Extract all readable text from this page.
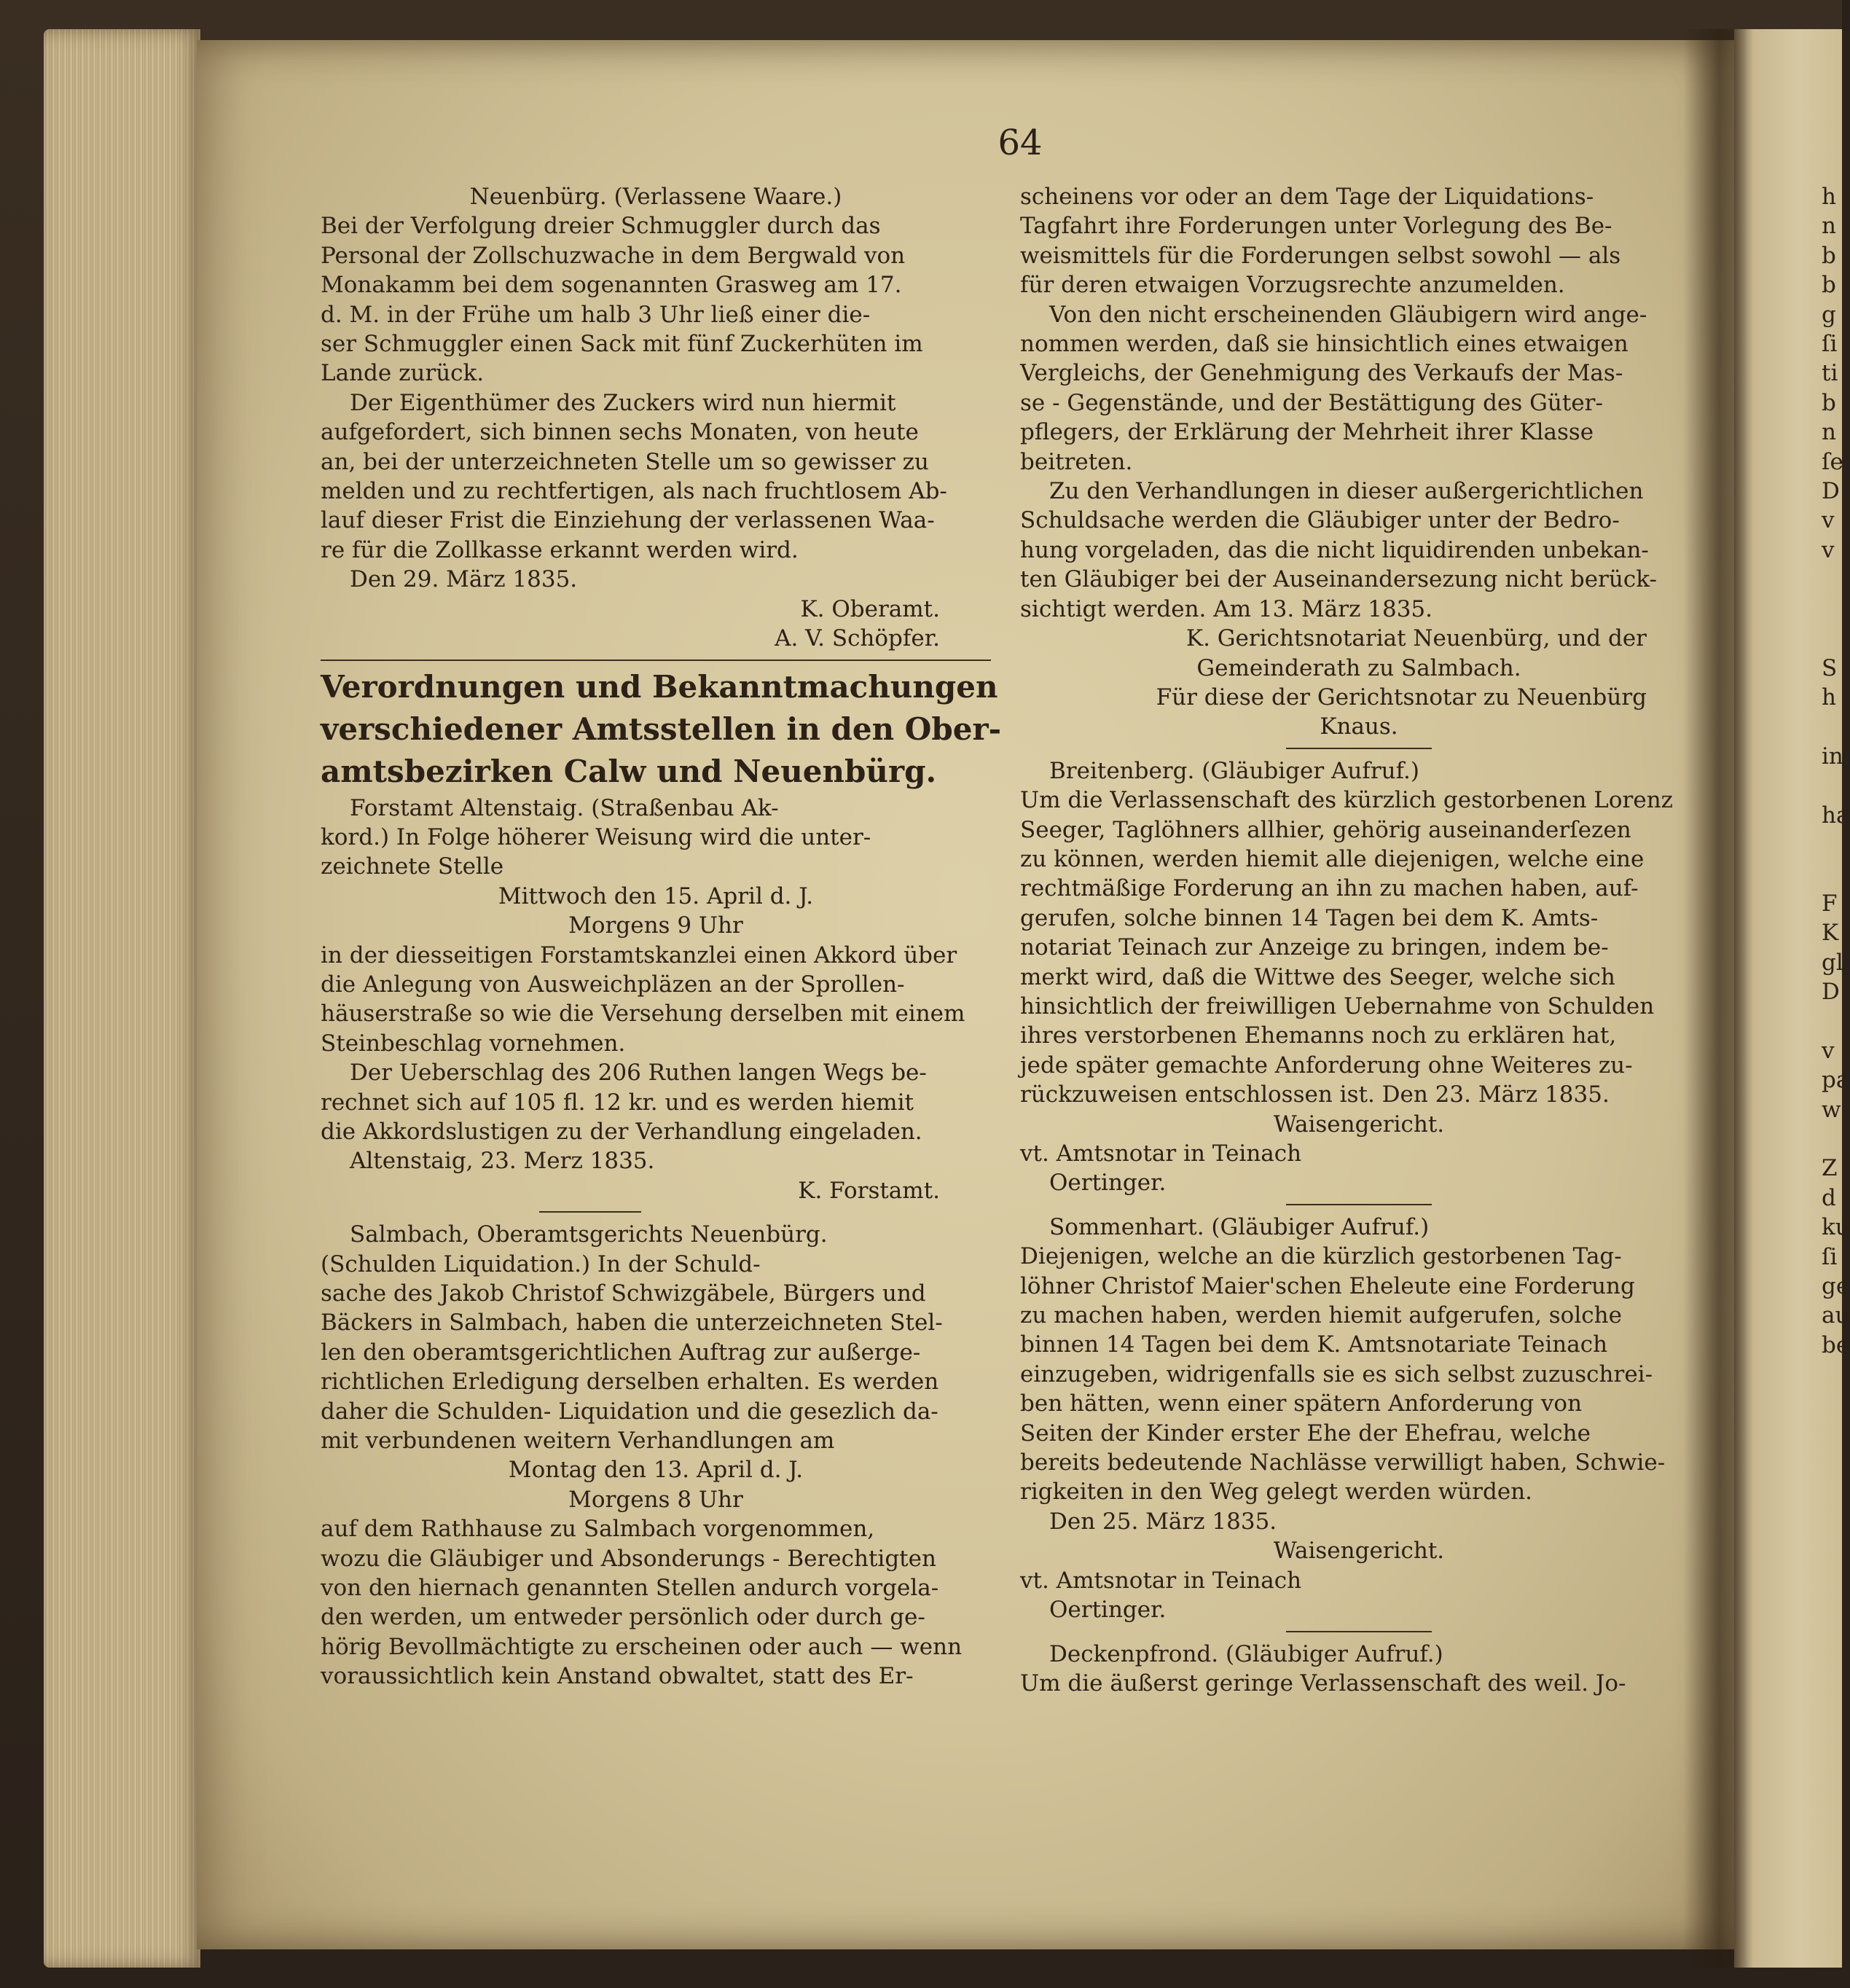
64
Neuenbürg. (Verlassene Waare.)
Bei der Verfolgung dreier Schmuggler durch das
Personal der Zollschuzwache in dem Bergwald von
Monakamm bei dem sogenannten Grasweg am 17.
d. M. in der Frühe um halb 3 Uhr ließ einer die-
ser Schmuggler einen Sack mit fünf Zuckerhüten im
Lande zurück.
Der Eigenthümer des Zuckers wird nun hiermit
aufgefordert, sich binnen sechs Monaten, von heute
an, bei der unterzeichneten Stelle um so gewisser zu
melden und zu rechtfertigen, als nach fruchtlosem Ab-
lauf dieser Frist die Einziehung der verlassenen Waa-
re für die Zollkasse erkannt werden wird.
Den 29. März 1835.
K. Oberamt.
A. V. Schöpfer.
Verordnungen und Bekanntmachungen
verschiedener Amtsstellen in den Ober-
amtsbezirken Calw und Neuenbürg.
Forstamt Altenstaig. (Straßenbau Ak-
kord.) In Folge höherer Weisung wird die unter-
zeichnete Stelle
Mittwoch den 15. April d. J.
Morgens 9 Uhr
in der diesseitigen Forstamtskanzlei einen Akkord über
die Anlegung von Ausweichpläzen an der Sprollen-
häuserstraße so wie die Versehung derselben mit einem
Steinbeschlag vornehmen.
Der Ueberschlag des 206 Ruthen langen Wegs be-
rechnet sich auf 105 fl. 12 kr. und es werden hiemit
die Akkordslustigen zu der Verhandlung eingeladen.
Altenstaig, 23. Merz 1835.
K. Forstamt.
Salmbach, Oberamtsgerichts Neuenbürg.
(Schulden Liquidation.) In der Schuld-
sache des Jakob Christof Schwizgäbele, Bürgers und
Bäckers in Salmbach, haben die unterzeichneten Stel-
len den oberamtsgerichtlichen Auftrag zur außerge-
richtlichen Erledigung derselben erhalten. Es werden
daher die Schulden- Liquidation und die gesezlich da-
mit verbundenen weitern Verhandlungen am
Montag den 13. April d. J.
Morgens 8 Uhr
auf dem Rathhause zu Salmbach vorgenommen,
wozu die Gläubiger und Absonderungs - Berechtigten
von den hiernach genannten Stellen andurch vorgela-
den werden, um entweder persönlich oder durch ge-
hörig Bevollmächtigte zu erscheinen oder auch — wenn
voraussichtlich kein Anstand obwaltet, statt des Er-
scheinens vor oder an dem Tage der Liquidations-
Tagfahrt ihre Forderungen unter Vorlegung des Be-
weismittels für die Forderungen selbst sowohl — als
für deren etwaigen Vorzugsrechte anzumelden.
Von den nicht erscheinenden Gläubigern wird ange-
nommen werden, daß sie hinsichtlich eines etwaigen
Vergleichs, der Genehmigung des Verkaufs der Mas-
se - Gegenstände, und der Bestättigung des Güter-
pflegers, der Erklärung der Mehrheit ihrer Klasse
beitreten.
Zu den Verhandlungen in dieser außergerichtlichen
Schuldsache werden die Gläubiger unter der Bedro-
hung vorgeladen, das die nicht liquidirenden unbekan-
ten Gläubiger bei der Auseinandersezung nicht berück-
sichtigt werden. Am 13. März 1835.
K. Gerichtsnotariat Neuenbürg, und der
Gemeinderath zu Salmbach.
Für diese der Gerichtsnotar zu Neuenbürg
Knaus.
Breitenberg. (Gläubiger Aufruf.)
Um die Verlassenschaft des kürzlich gestorbenen Lorenz
Seeger, Taglöhners allhier, gehörig auseinanderſezen
zu können, werden hiemit alle diejenigen, welche eine
rechtmäßige Forderung an ihn zu machen haben, auf-
gerufen, solche binnen 14 Tagen bei dem K. Amts-
notariat Teinach zur Anzeige zu bringen, indem be-
merkt wird, daß die Wittwe des Seeger, welche sich
hinsichtlich der freiwilligen Uebernahme von Schulden
ihres verstorbenen Ehemanns noch zu erklären hat,
jede später gemachte Anforderung ohne Weiteres zu-
rückzuweisen entschlossen ist. Den 23. März 1835.
Waisengericht.
vt. Amtsnotar in Teinach
Oertinger.
Sommenhart. (Gläubiger Aufruf.)
Diejenigen, welche an die kürzlich gestorbenen Tag-
löhner Christof Maier'schen Eheleute eine Forderung
zu machen haben, werden hiemit aufgerufen, solche
binnen 14 Tagen bei dem K. Amtsnotariate Teinach
einzugeben, widrigenfalls sie es sich selbst zuzuschrei-
ben hätten, wenn einer spätern Anforderung von
Seiten der Kinder erster Ehe der Ehefrau, welche
bereits bedeutende Nachlässe verwilligt haben, Schwie-
rigkeiten in den Weg gelegt werden würden.
Den 25. März 1835.
Waisengericht.
vt. Amtsnotar in Teinach
Oertinger.
Deckenpfrond. (Gläubiger Aufruf.)
Um die äußerst geringe Verlassenschaft des weil. Jo-
h
n
b
b
g
ſi
ti
b
n
ſe
D
v
v

S
h

in

ha

F
K
gl
D

v
pa
w

Z
d
ku
ſi
ge
au
be
